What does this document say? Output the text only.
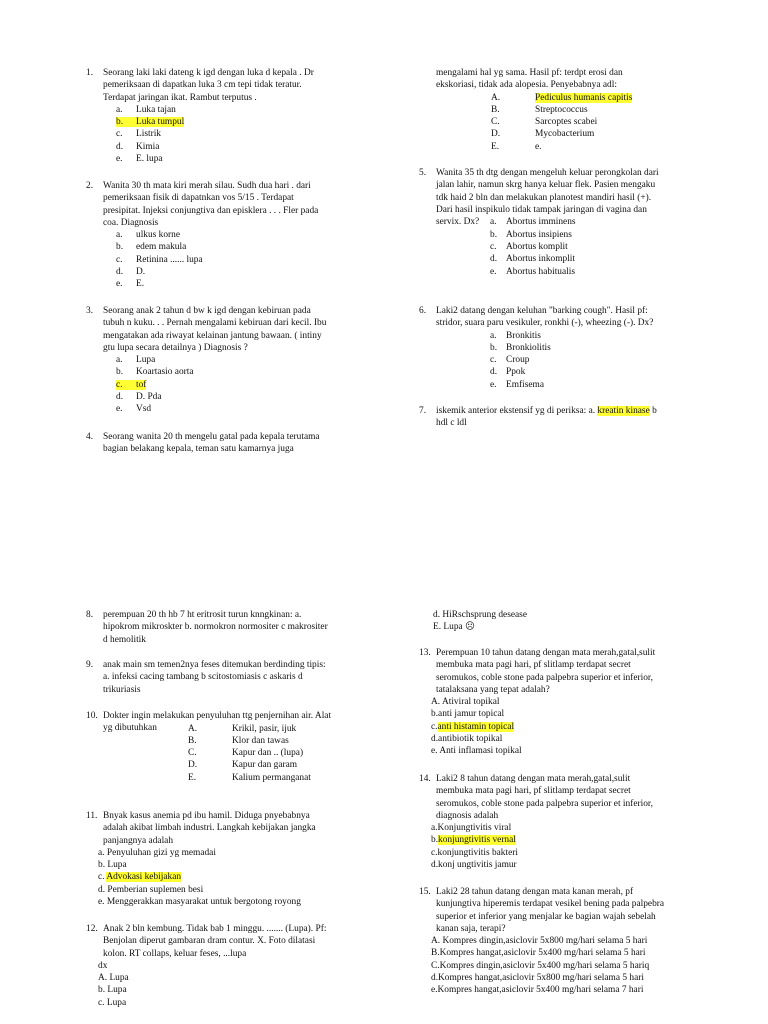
1. Seorang laki laki dateng k igd dengan luka d kepala . Dr

pemeriksaan di dapatkan luka 3 cm tepi tidak teratur.

Terdapat jaringan ikat. Rambut terputus .

a. Luka tajan
b. Luka tumpul
c. Listrik
d. Kimia
e. E. lupa
2. Wanita 30 th mata kiri merah silau. Sudh dua hari . dari

pemeriksaan fisik di dapatnkan vos 5/15 . Terdapat

presipitat. Injeksi conjungtiva dan episklera . . . Fler pada

coa. Diagnosis

a. ulkus korne
b. edem makula
c. Retinina ...... lupa
d. D.
e. E.
3. Seorang anak 2 tahun d bw k igd dengan kebiruan pada

tubuh n kuku. . . Pernah mengalami kebiruan dari kecil. Ibu

mengatakan ada riwayat kelainan jantung bawaan. ( intiny

gtu lupa secara detailnya ) Diagnosis ?

a. Lupa
b. Koartasio aorta
c. tof
d. D. Pda
e. Vsd
4. Seorang wanita 20 th mengelu gatal pada kepala terutama

bagian belakang kepala, teman satu kamarnya juga

mengalami hal yg sama. Hasil pf: terdpt erosi dan

ekskoriasi, tidak ada alopesia. Penyebabnya adl:

A.	Pediculus humanis capitis
B.	Streptococcus
C.	Sarcoptes scabei
D.	Mycobacterium
E.	e.
5. Wanita 35 th dtg dengan mengeluh keluar perongkolan dari

jalan lahir, namun skrg hanya keluar flek. Pasien mengaku

tdk haid 2 bln dan melakukan planotest mandiri hasil (+).

Dari hasil inspikulo tidak tampak jaringan di vagina dan

servix. Dx?	a. Abortus imminens
b. Abortus insipiens
c. Abortus komplit
d. Abortus inkomplit
e. Abortus habitualis
6. Laki2 datang dengan keluhan "barking cough". Hasil pf:

stridor, suara paru vesikuler, ronkhi (-), wheezing (-). Dx?

a. Bronkitis
b. Bronkiolitis
c. Croup
d. Ppok
e. Emfisema
7. iskemik anterior ekstensif yg di periksa: a. kreatin kinase b

hdl c ldl

8. perempuan 20 th hb 7 ht eritrosit turun knngkinan: a.

hipokrom mikroskter b. normokron normositer c makrositer

d hemolitik

9. anak main sm temen2nya feses ditemukan berdinding tipis:

a. infeksi cacing tambang b scitostomiasis c askaris d

trikuriasis

10. Dokter ingin melakukan penyuluhan ttg penjernihan air. Alat

yg dibutuhkan	A.	Krikil, pasir, ijuk
B.	Klor dan tawas
C.	Kapur dan .. (lupa)
D.	Kapur dan garam
E.	Kalium permanganat
11. Bnyak kasus anemia pd ibu hamil. Diduga pnyebabnya

adalah akibat limbah industri. Langkah kebijakan jangka

panjangnya adalah

a. Penyuluhan gizi yg memadai
b. Lupa
c. Advokasi kebijakan
d. Pemberian suplemen besi
e. Menggerakkan masyarakat untuk bergotong royong
12. Anak 2 bln kembung. Tidak bab 1 minggu. ....... (Lupa). Pf:

Benjolan diperut gambaran dram contur. X. Foto dilatasi

kolon. RT collaps, keluar feses, ...lupa

dx
A. Lupa
b. Lupa
c. Lupa
d. HiRschsprung desease
E. Lupa ☹
13. Perempuan 10 tahun datang dengan mata merah,gatal,sulit

membuka mata pagi hari, pf slitlamp terdapat secret

seromukos, coble stone pada palpebra superior et inferior,

tatalaksana yang tepat adalah?

A. Ativiral topikal
b.anti jamur topical
c.anti histamin topical
d.antibiotik topikal
e. Anti inflamasi topikal
14. Laki2 8 tahun datang dengan mata merah,gatal,sulit

membuka mata pagi hari, pf slitlamp terdapat secret

seromukos, coble stone pada palpebra superior et inferior,

diagnosis adalah

a.Konjungtivitis viral
b.konjungtivitis vernal
c.konjungtivitis bakteri
d.konj ungtivitis jamur
15. Laki2 28 tahun datang dengan mata kanan merah, pf

kunjungtiva hiperemis terdapat vesikel bening pada palpebra

superior et inferior yang menjalar ke bagian wajah sebelah

kanan saja, terapi?

A. Kompres dingin,asiclovir 5x800 mg/hari selama 5 hari
B.Kompres hangat,asiclovir 5x400 mg/hari selama 5 hari
C.Kompres dingin,asiclovir 5x400 mg/hari selama 5 hariq
d.Kompres hangat,asiclovir 5x800 mg/hari selama 5 hari
e.Kompres hangat,asiclovir 5x400 mg/hari selama 7 hari
